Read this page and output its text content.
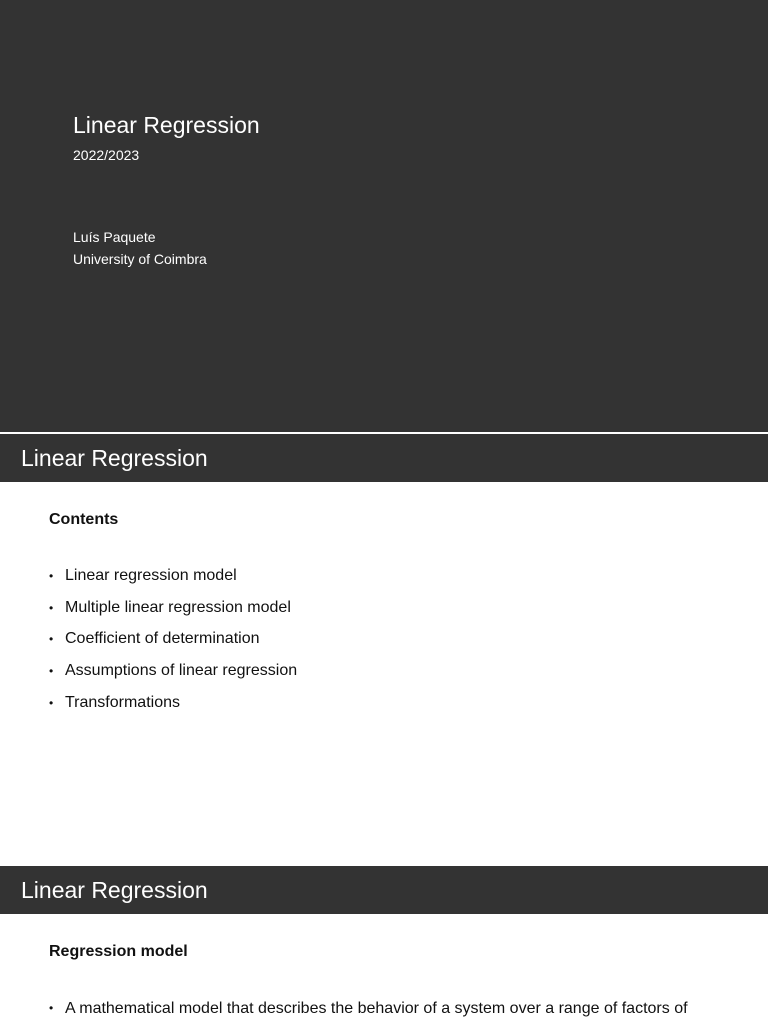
Linear Regression
2022/2023
Luís Paquete
University of Coimbra
Linear Regression
Contents
• Linear regression model
• Multiple linear regression model
• Coefficient of determination
• Assumptions of linear regression
• Transformations
Linear Regression
Regression model
• A mathematical model that describes the behavior of a system over a range of factors of
